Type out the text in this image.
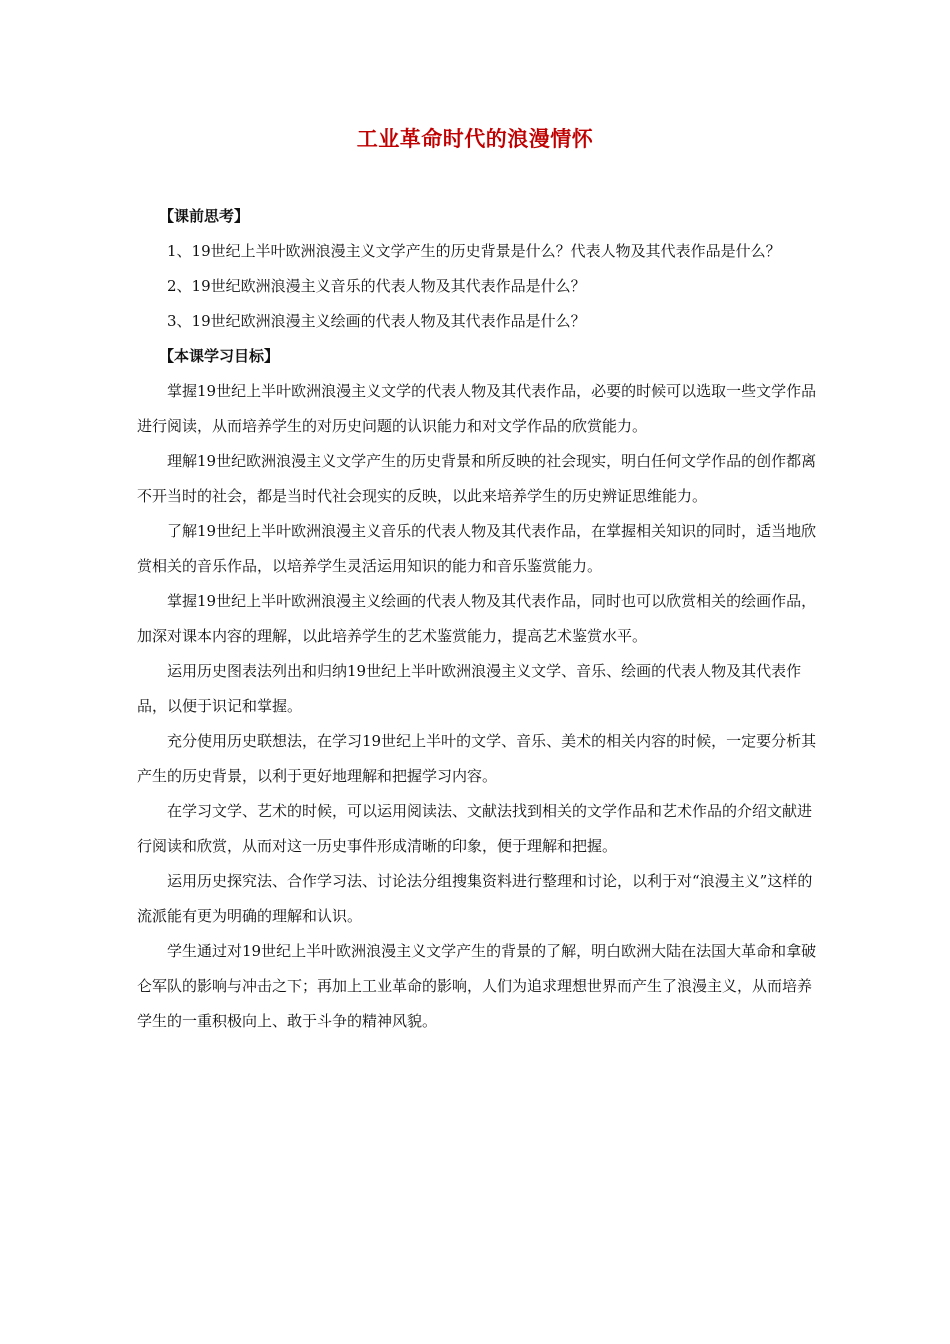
工业革命时代的浪漫情怀

【课前思考】

1、19世纪上半叶欧洲浪漫主义文学产生的历史背景是什么？代表人物及其代表作品是什么？

2、19世纪欧洲浪漫主义音乐的代表人物及其代表作品是什么？

3、19世纪欧洲浪漫主义绘画的代表人物及其代表作品是什么？

【本课学习目标】

掌握19世纪上半叶欧洲浪漫主义文学的代表人物及其代表作品，必要的时候可以选取一些文学作品进行阅读，从而培养学生的对历史问题的认识能力和对文学作品的欣赏能力。

理解19世纪欧洲浪漫主义文学产生的历史背景和所反映的社会现实，明白任何文学作品的创作都离不开当时的社会，都是当时代社会现实的反映，以此来培养学生的历史辨证思维能力。

了解19世纪上半叶欧洲浪漫主义音乐的代表人物及其代表作品，在掌握相关知识的同时，适当地欣赏相关的音乐作品，以培养学生灵活运用知识的能力和音乐鉴赏能力。

掌握19世纪上半叶欧洲浪漫主义绘画的代表人物及其代表作品，同时也可以欣赏相关的绘画作品，加深对课本内容的理解，以此培养学生的艺术鉴赏能力，提高艺术鉴赏水平。

运用历史图表法列出和归纳19世纪上半叶欧洲浪漫主义文学、音乐、绘画的代表人物及其代表作品，以便于识记和掌握。

充分使用历史联想法，在学习19世纪上半叶的文学、音乐、美术的相关内容的时候，一定要分析其产生的历史背景，以利于更好地理解和把握学习内容。

在学习文学、艺术的时候，可以运用阅读法、文献法找到相关的文学作品和艺术作品的介绍文献进行阅读和欣赏，从而对这一历史事件形成清晰的印象，便于理解和把握。

运用历史探究法、合作学习法、讨论法分组搜集资料进行整理和讨论，以利于对“浪漫主义”这样的流派能有更为明确的理解和认识。

学生通过对19世纪上半叶欧洲浪漫主义文学产生的背景的了解，明白欧洲大陆在法国大革命和拿破仑军队的影响与冲击之下；再加上工业革命的影响，人们为追求理想世界而产生了浪漫主义，从而培养学生的一重积极向上、敢于斗争的精神风貌。
